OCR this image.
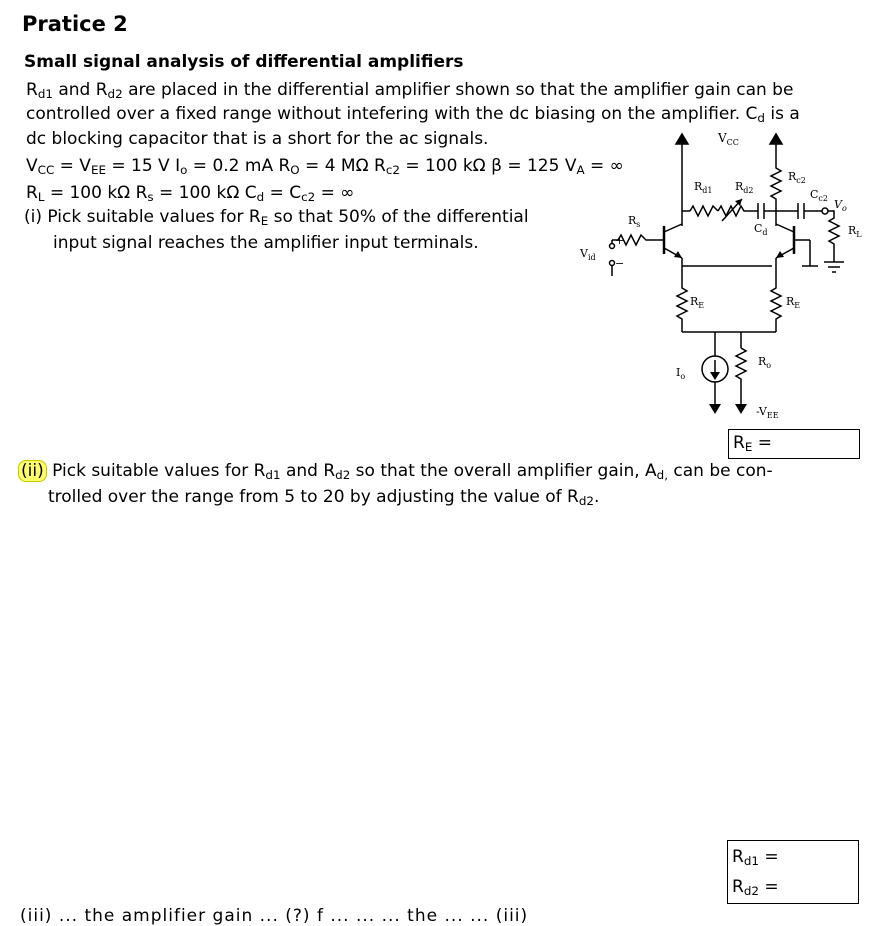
Pratice 2
Small signal analysis of differential amplifiers
$R_{d1}$ and $R_{d2}$ are placed in the differential amplifier shown so that the amplifier gain can be
controlled over a fixed range without intefering with the dc biasing on the amplifier. $C_d$ is a
dc blocking capacitor that is a short for the ac signals.
$V_{CC} = V_{EE} = 15$ V $I_o = 0.2$ mA $R_O = 4$ MΩ $R_{c2} = 100$ kΩ β = 125 $V_A$ = ∞
$R_L = 100$ kΩ $R_s = 100$ kΩ $C_d = C_{c2}$ = ∞
(i) Pick suitable values for $R_E$ so that 50% of the differential
input signal reaches the amplifier input terminals.
$V_{CC}$
$R_{c2}$
$R_{d1}$ $R_{d2}$
$C_d$
$C_{c2}$ $V_o$
$R_L$
$R_s$
+
−
$V_{id}$
$R_E$	$R_E$
$I_o$
$R_o$
$-V_{EE}$
$R_E$ =
(ii) Pick suitable values for $R_{d1}$ and $R_{d2}$ so that the overall amplifier gain, $A_{d,}$ can be con-
trolled over the range from 5 to 20 by adjusting the value of $R_{d2}$.
$R_{d1}$ =
$R_{d2}$ =
(iii) ... the amplifier gain ... (?) f ... ... ... the ... ... (iii)
